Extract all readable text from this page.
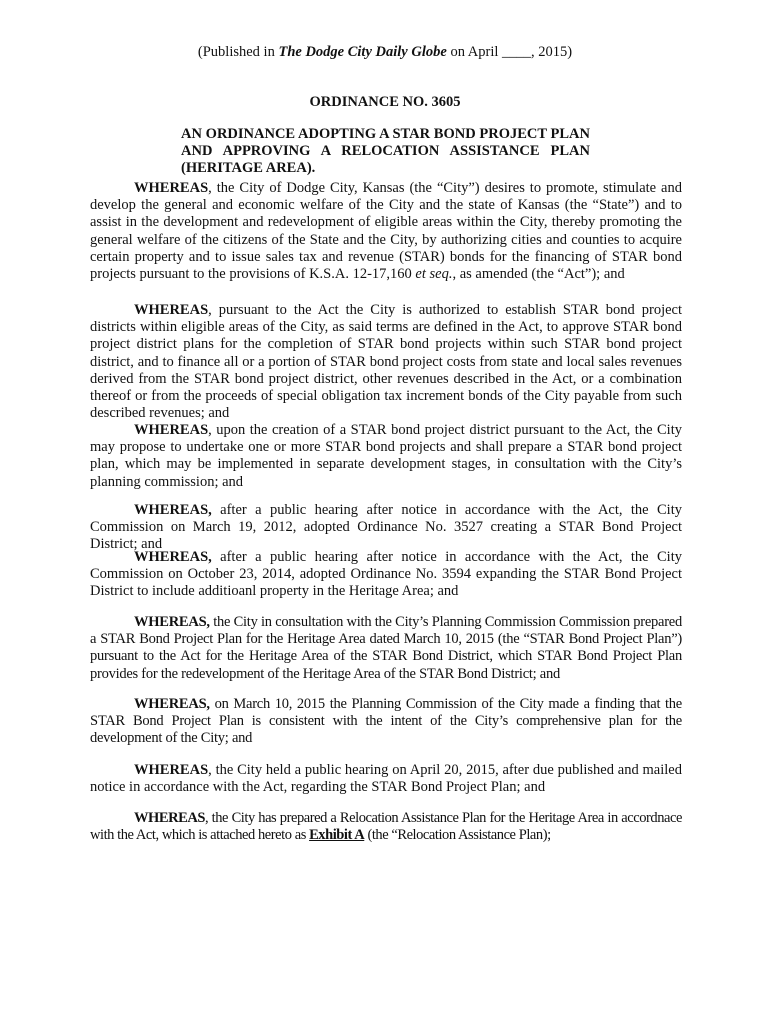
(Published in The Dodge City Daily Globe on April ____, 2015)
ORDINANCE NO. 3605
AN ORDINANCE ADOPTING A STAR BOND PROJECT PLAN AND APPROVING A RELOCATION ASSISTANCE PLAN (HERITAGE AREA).
WHEREAS, the City of Dodge City, Kansas (the “City”) desires to promote, stimulate and develop the general and economic welfare of the City and the state of Kansas (the “State”) and to assist in the development and redevelopment of eligible areas within the City, thereby promoting the general welfare of the citizens of the State and the City, by authorizing cities and counties to acquire certain property and to issue sales tax and revenue (STAR) bonds for the financing of STAR bond projects pursuant to the provisions of K.S.A. 12-17,160 et seq., as amended (the “Act”); and
WHEREAS, pursuant to the Act the City is authorized to establish STAR bond project districts within eligible areas of the City, as said terms are defined in the Act, to approve STAR bond project district plans for the completion of STAR bond projects within such STAR bond project district, and to finance all or a portion of STAR bond project costs from state and local sales revenues derived from the STAR bond project district, other revenues described in the Act, or a combination thereof or from the proceeds of special obligation tax increment bonds of the City payable from such described revenues; and
WHEREAS, upon the creation of a STAR bond project district pursuant to the Act, the City may propose to undertake one or more STAR bond projects and shall prepare a STAR bond project plan, which may be implemented in separate development stages, in consultation with the City’s planning commission; and
WHEREAS, after a public hearing after notice in accordance with the Act, the City Commission on March 19, 2012, adopted Ordinance No. 3527 creating a STAR Bond Project District; and
WHEREAS, after a public hearing after notice in accordance with the Act, the City Commission on October 23, 2014, adopted Ordinance No. 3594 expanding the STAR Bond Project District to include additioanl property in the Heritage Area; and
WHEREAS, the City in consultation with the City’s Planning Commission Commission prepared a STAR Bond Project Plan for the Heritage Area dated March 10, 2015 (the “STAR Bond Project Plan”) pursuant to the Act for the Heritage Area of the STAR Bond District, which STAR Bond Project Plan provides for the redevelopment of the Heritage Area of the STAR Bond District; and
WHEREAS, on March 10, 2015 the Planning Commission of the City made a finding that the STAR Bond Project Plan is consistent with the intent of the City’s comprehensive plan for the development of the City; and
WHEREAS, the City held a public hearing on April 20, 2015, after due published and mailed notice in accordance with the Act, regarding the STAR Bond Project Plan; and
WHEREAS, the City has prepared a Relocation Assistance Plan for the Heritage Area in accordnace with the Act, which is attached hereto as Exhibit A (the “Relocation Assistance Plan);
